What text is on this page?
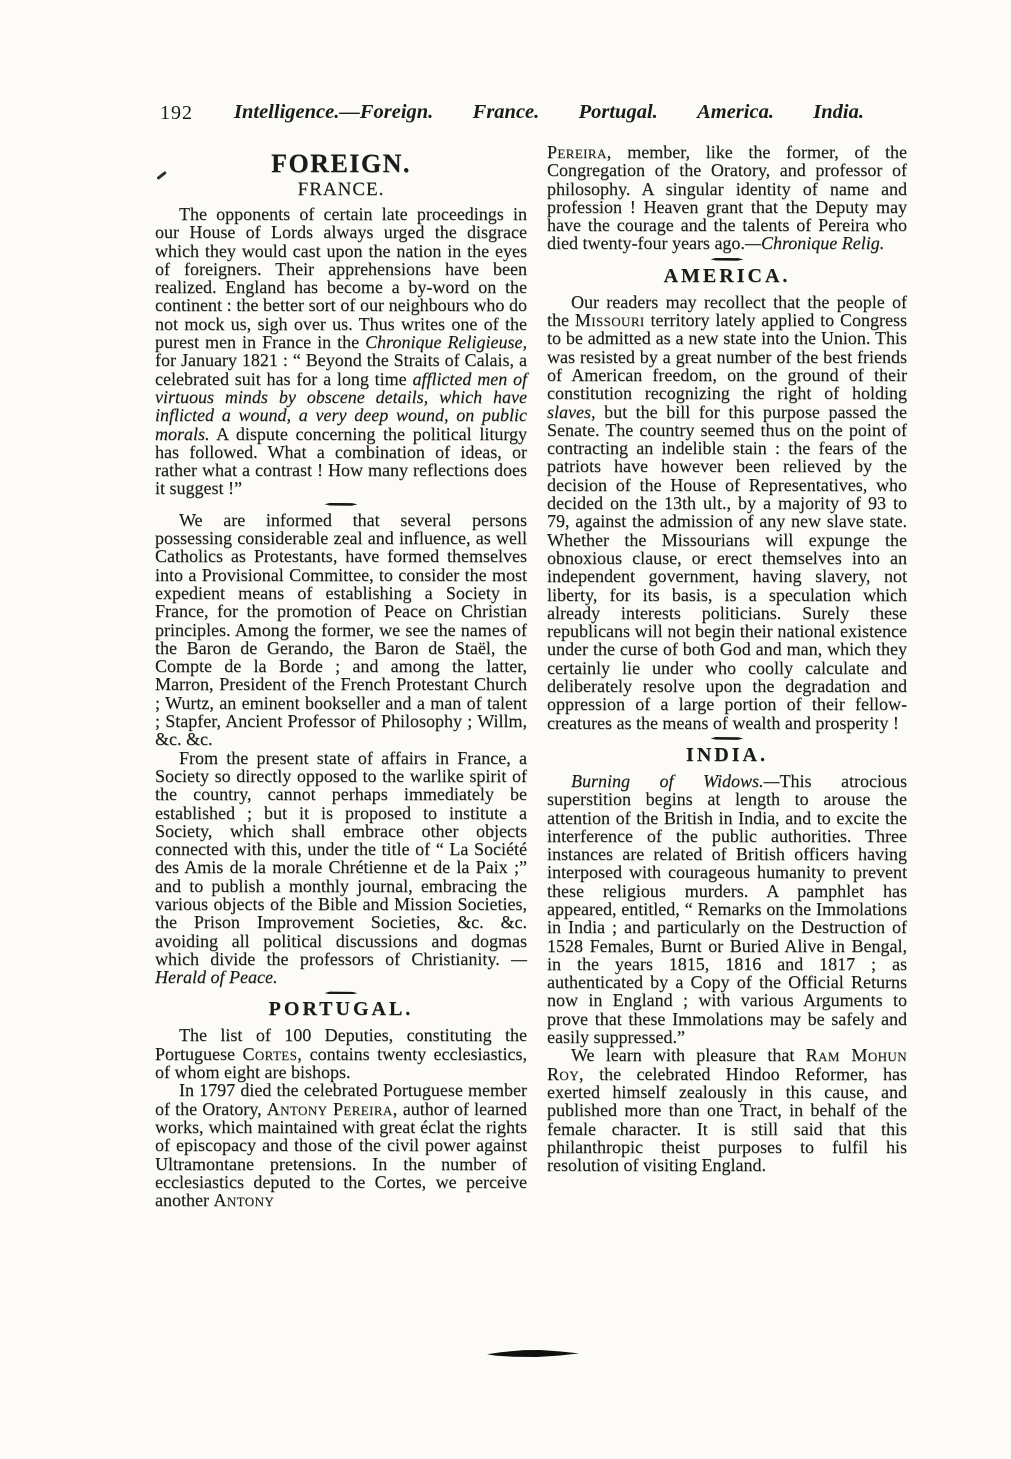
192 Intelligence.—Foreign. France. Portugal. America. India.
FOREIGN.
FRANCE.

The opponents of certain late proceedings in our House of Lords always urged the disgrace which they would cast upon the nation in the eyes of foreigners. Their apprehensions have been realized. England has become a by-word on the continent : the better sort of our neighbours who do not mock us, sigh over us. Thus writes one of the purest men in France in the Chronique Religieuse, for January 1821 : “ Beyond the Straits of Calais, a celebrated suit has for a long time afflicted men of virtuous minds by obscene details, which have inflicted a wound, a very deep wound, on public morals. A dispute concerning the political liturgy has followed. What a combination of ideas, or rather what a contrast ! How many reflections does it suggest !”

We are informed that several persons possessing considerable zeal and influence, as well Catholics as Protestants, have formed themselves into a Provisional Committee, to consider the most expedient means of establishing a Society in France, for the promotion of Peace on Christian principles. Among the former, we see the names of the Baron de Gerando, the Baron de Staël, the Compte de la Borde ; and among the latter, Marron, President of the French Protestant Church ; Wurtz, an eminent bookseller and a man of talent ; Stapfer, Ancient Professor of Philosophy ; Willm, &c. &c.

From the present state of affairs in France, a Society so directly opposed to the warlike spirit of the country, cannot perhaps immediately be established ; but it is proposed to institute a Society, which shall embrace other objects connected with this, under the title of “ La Société des Amis de la morale Chrétienne et de la Paix ;” and to publish a monthly journal, embracing the various objects of the Bible and Mission Societies, the Prison Improvement Societies, &c. &c. avoiding all political discussions and dogmas which divide the professors of Christianity. —Herald of Peace.

PORTUGAL.

The list of 100 Deputies, constituting the Portuguese Cortes, contains twenty ecclesiastics, of whom eight are bishops.

In 1797 died the celebrated Portuguese member of the Oratory, Antony Pereira, author of learned works, which maintained with great éclat the rights of episcopacy and those of the civil power against Ultramontane pretensions. In the number of ecclesiastics deputed to the Cortes, we perceive another Antony

Pereira, member, like the former, of the Congregation of the Oratory, and professor of philosophy. A singular identity of name and profession ! Heaven grant that the Deputy may have the courage and the talents of Pereira who died twenty-four years ago.—Chronique Relig.

AMERICA.

Our readers may recollect that the people of the Missouri territory lately applied to Congress to be admitted as a new state into the Union. This was resisted by a great number of the best friends of American freedom, on the ground of their constitution recognizing the right of holding slaves, but the bill for this purpose passed the Senate. The country seemed thus on the point of contracting an indelible stain : the fears of the patriots have however been relieved by the decision of the House of Representatives, who decided on the 13th ult., by a majority of 93 to 79, against the admission of any new slave state. Whether the Missourians will expunge the obnoxious clause, or erect themselves into an independent government, having slavery, not liberty, for its basis, is a speculation which already interests politicians. Surely these republicans will not begin their national existence under the curse of both God and man, which they certainly lie under who coolly calculate and deliberately resolve upon the degradation and oppression of a large portion of their fellow-creatures as the means of wealth and prosperity !

INDIA.

Burning of Widows.—This atrocious superstition begins at length to arouse the attention of the British in India, and to excite the interference of the public authorities. Three instances are related of British officers having interposed with courageous humanity to prevent these religious murders. A pamphlet has appeared, entitled, “ Remarks on the Immolations in India ; and particularly on the Destruction of 1528 Females, Burnt or Buried Alive in Bengal, in the years 1815, 1816 and 1817 ; as authenticated by a Copy of the Official Returns now in England ; with various Arguments to prove that these Immolations may be safely and easily suppressed.”

We learn with pleasure that Ram Mohun Roy, the celebrated Hindoo Reformer, has exerted himself zealously in this cause, and published more than one Tract, in behalf of the female character. It is still said that this philanthropic theist purposes to fulfil his resolution of visiting England.
